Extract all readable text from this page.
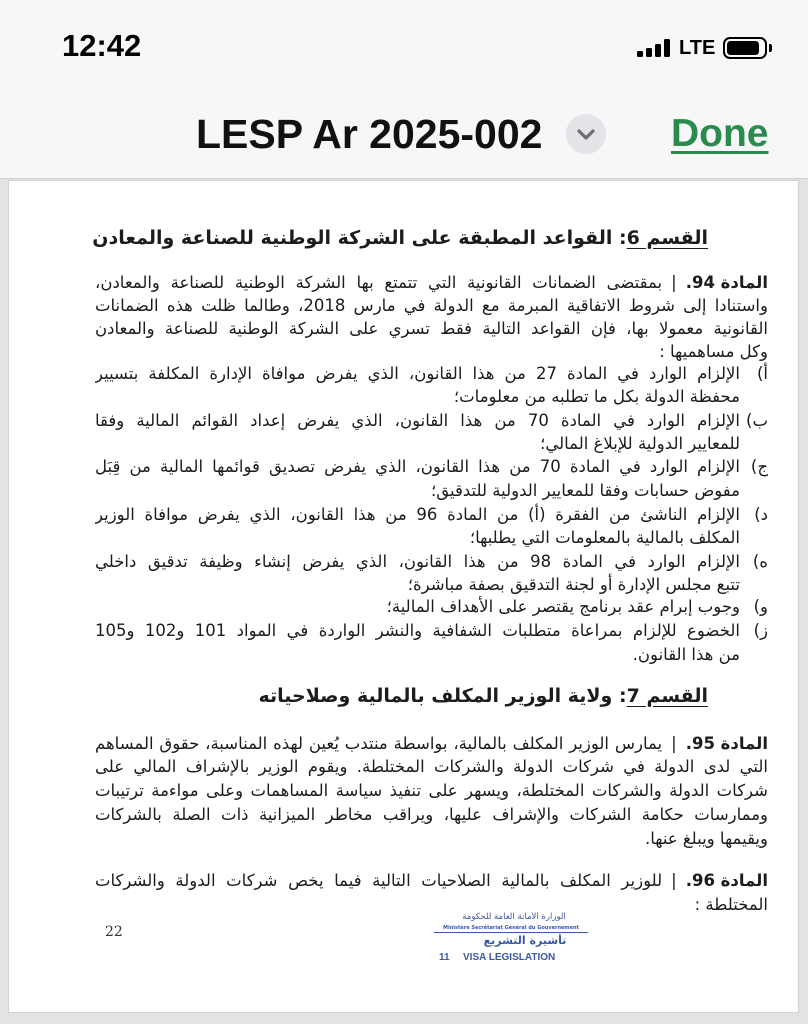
12:42	LTE
LESP Ar 2025-002	Done
القسم 6: القواعد المطبقة على الشركة الوطنية للصناعة والمعادن
المادة 94.
|
بمقتضى الضمانات القانونية التي تتمتع بها الشركة الوطنية للصناعة والمعادن،
واستنادا إلى شروط الاتفاقية المبرمة مع الدولة في مارس 2018، وطالما ظلت هذه الضمانات
القانونية معمولا بها، فإن القواعد التالية فقط تسري على الشركة الوطنية للصناعة والمعادن
وكل مساهميها :
أ)
الإلزام الوارد في المادة 27 من هذا القانون، الذي يفرض موافاة الإدارة المكلفة بتسيير
محفظة الدولة بكل ما تطلبه من معلومات؛
ب)
الإلزام الوارد في المادة 70 من هذا القانون، الذي يفرض إعداد القوائم المالية وفقا
للمعايير الدولية للإبلاغ المالي؛
ج)
الإلزام الوارد في المادة 70 من هذا القانون، الذي يفرض تصديق قوائمها المالية من قِبَل
مفوض حسابات وفقا للمعايير الدولية للتدقيق؛
د)
الإلزام الناشئ من الفقرة (أ) من المادة 96 من هذا القانون، الذي يفرض موافاة الوزير
المكلف بالمالية بالمعلومات التي يطلبها؛
ه)
الإلزام الوارد في المادة 98 من هذا القانون، الذي يفرض إنشاء وظيفة تدقيق داخلي
تتبع مجلس الإدارة أو لجنة التدقيق بصفة مباشرة؛
و)
وجوب إبرام عقد برنامج يقتصر على الأهداف المالية؛
ز)
الخضوع للإلزام بمراعاة متطلبات الشفافية والنشر الواردة في المواد 101 و102 و105
من هذا القانون.
القسم 7: ولاية الوزير المكلف بالمالية وصلاحياته
المادة 95.
|
يمارس الوزير المكلف بالمالية، بواسطة منتدب يُعين لهذه المناسبة، حقوق المساهم
التي لدى الدولة في شركات الدولة والشركات المختلطة. ويقوم الوزير بالإشراف المالي على
شركات الدولة والشركات المختلطة، ويسهر على تنفيذ سياسة المساهمات وعلى مواءمة ترتيبات
وممارسات حكامة الشركات والإشراف عليها، ويراقب مخاطر الميزانية ذات الصلة بالشركات
ويقيمها ويبلغ عنها.
المادة 96.
|
للوزير المكلف بالمالية الصلاحيات التالية فيما يخص شركات الدولة والشركات
المختلطة :
22
الوزارة الأمانة العامة للحكومة
Ministère Secrétariat Général du Gouvernement
تأشيرة التشريع
11 VISA LEGISLATION
